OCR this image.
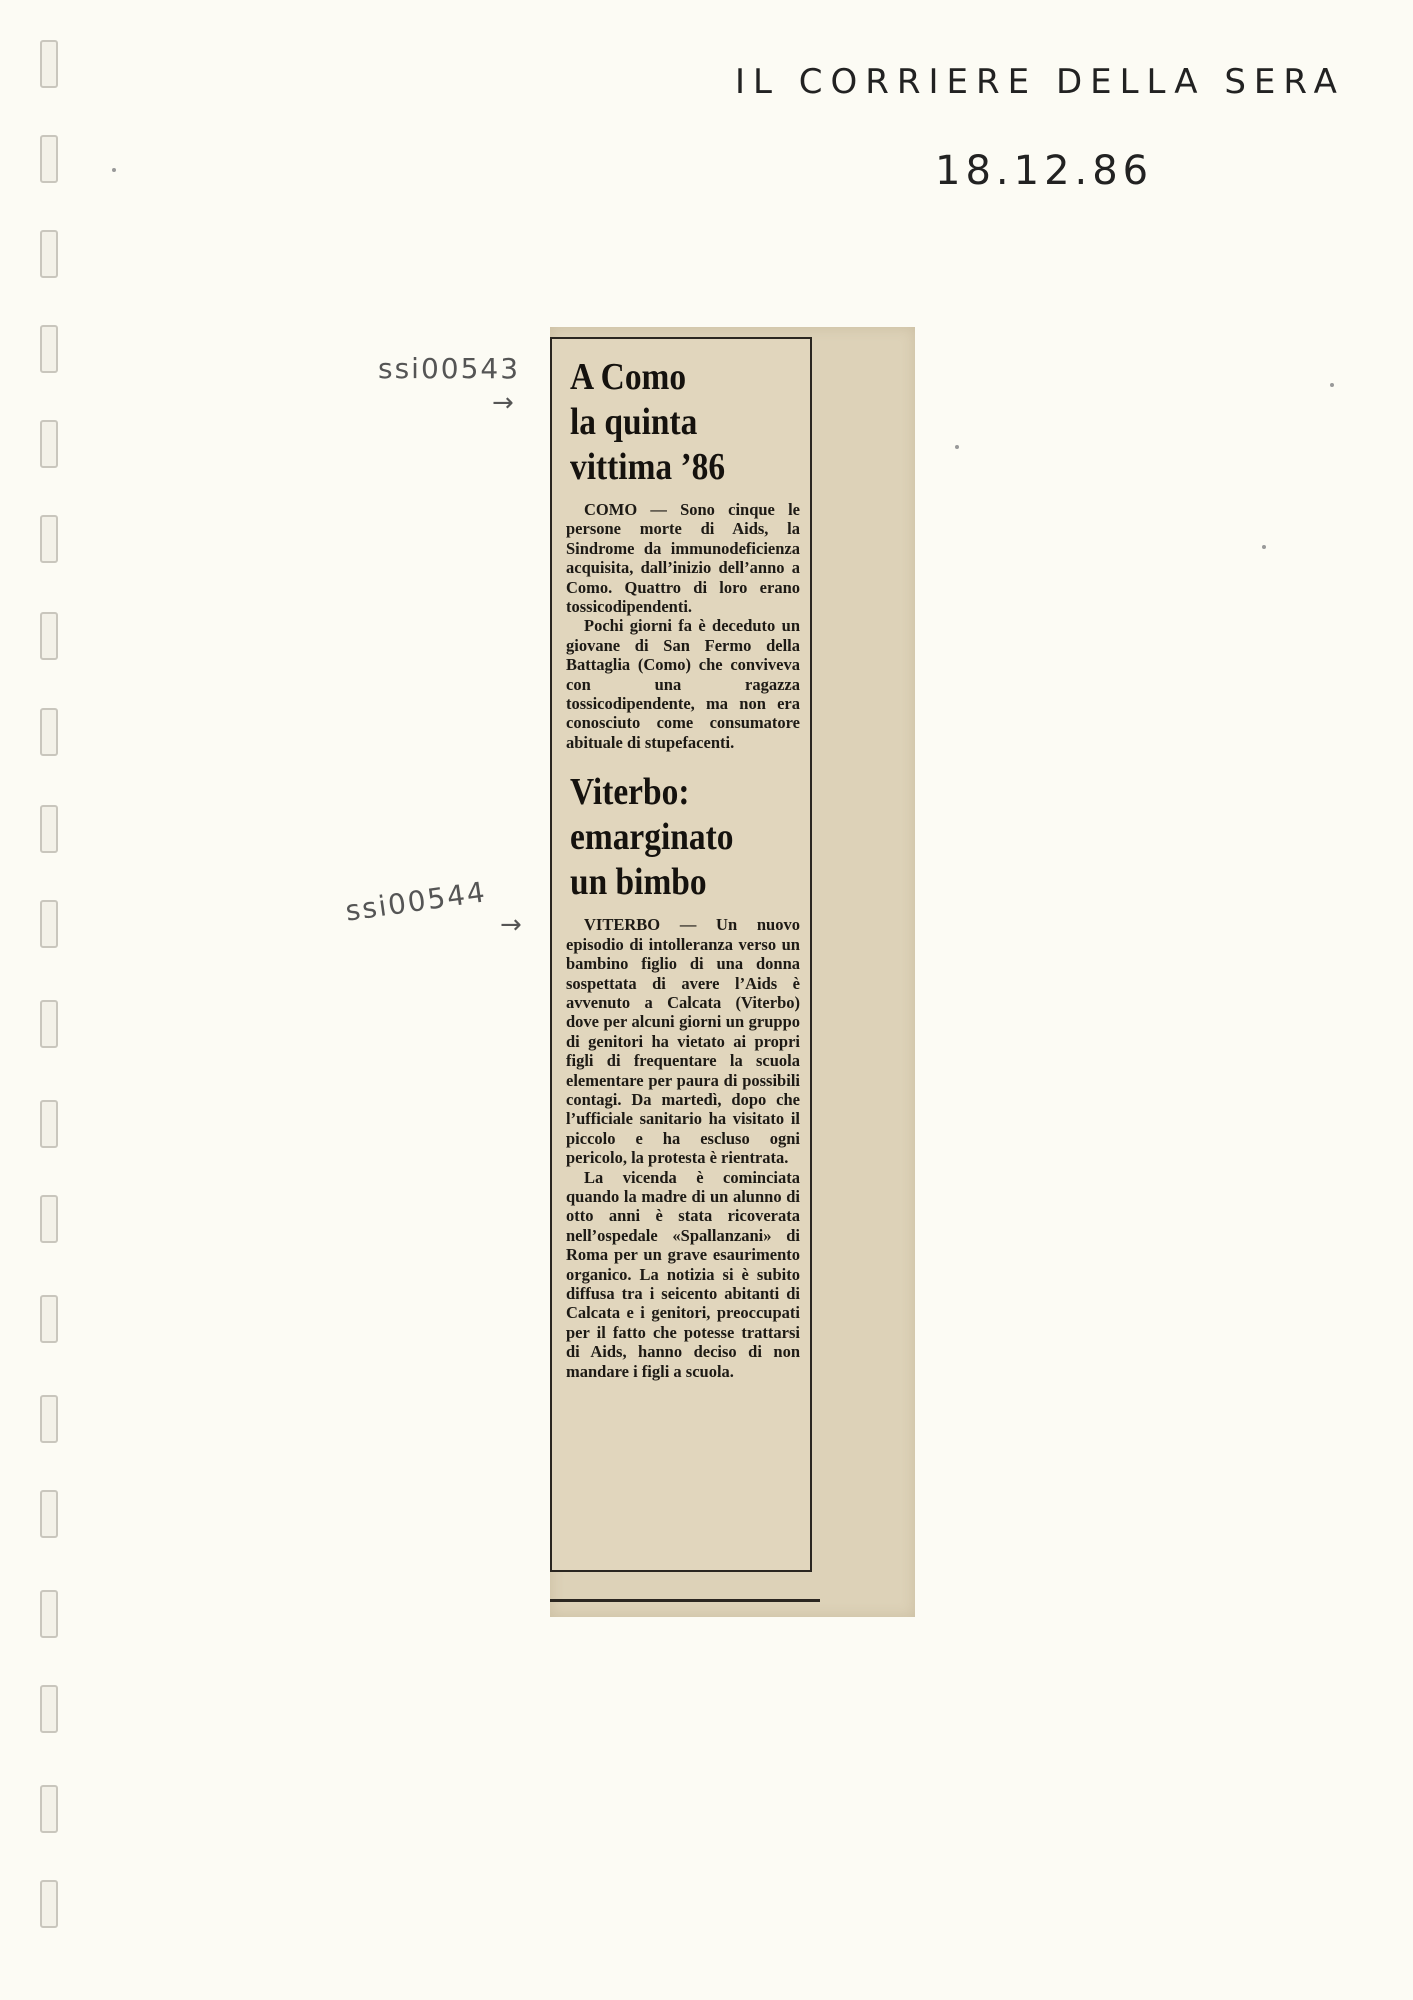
IL CORRIERE DELLA SERA
18.12.86
ssi00543
→
ssi00544 →
A Como
la quinta
vittima ’86

COMO — Sono cinque le persone morte di Aids, la Sindrome da immunodeficienza acquisita, dall’inizio dell’anno a Como. Quattro di loro erano tossicodipendenti.

Pochi giorni fa è deceduto un giovane di San Fermo della Battaglia (Como) che conviveva con una ragazza tossicodipendente, ma non era conosciuto come consumatore abituale di stupefacenti.

Viterbo:
emarginato
un bimbo

VITERBO — Un nuovo episodio di intolleranza verso un bambino figlio di una donna sospettata di avere l’Aids è avvenuto a Calcata (Viterbo) dove per alcuni giorni un gruppo di genitori ha vietato ai propri figli di frequentare la scuola elementare per paura di possibili contagi. Da martedì, dopo che l’ufficiale sanitario ha visitato il piccolo e ha escluso ogni pericolo, la protesta è rientrata.

La vicenda è cominciata quando la madre di un alunno di otto anni è stata ricoverata nell’ospedale «Spallanzani» di Roma per un grave esaurimento organico. La notizia si è subito diffusa tra i seicento abitanti di Calcata e i genitori, preoccupati per il fatto che potesse trattarsi di Aids, hanno deciso di non mandare i figli a scuola.
